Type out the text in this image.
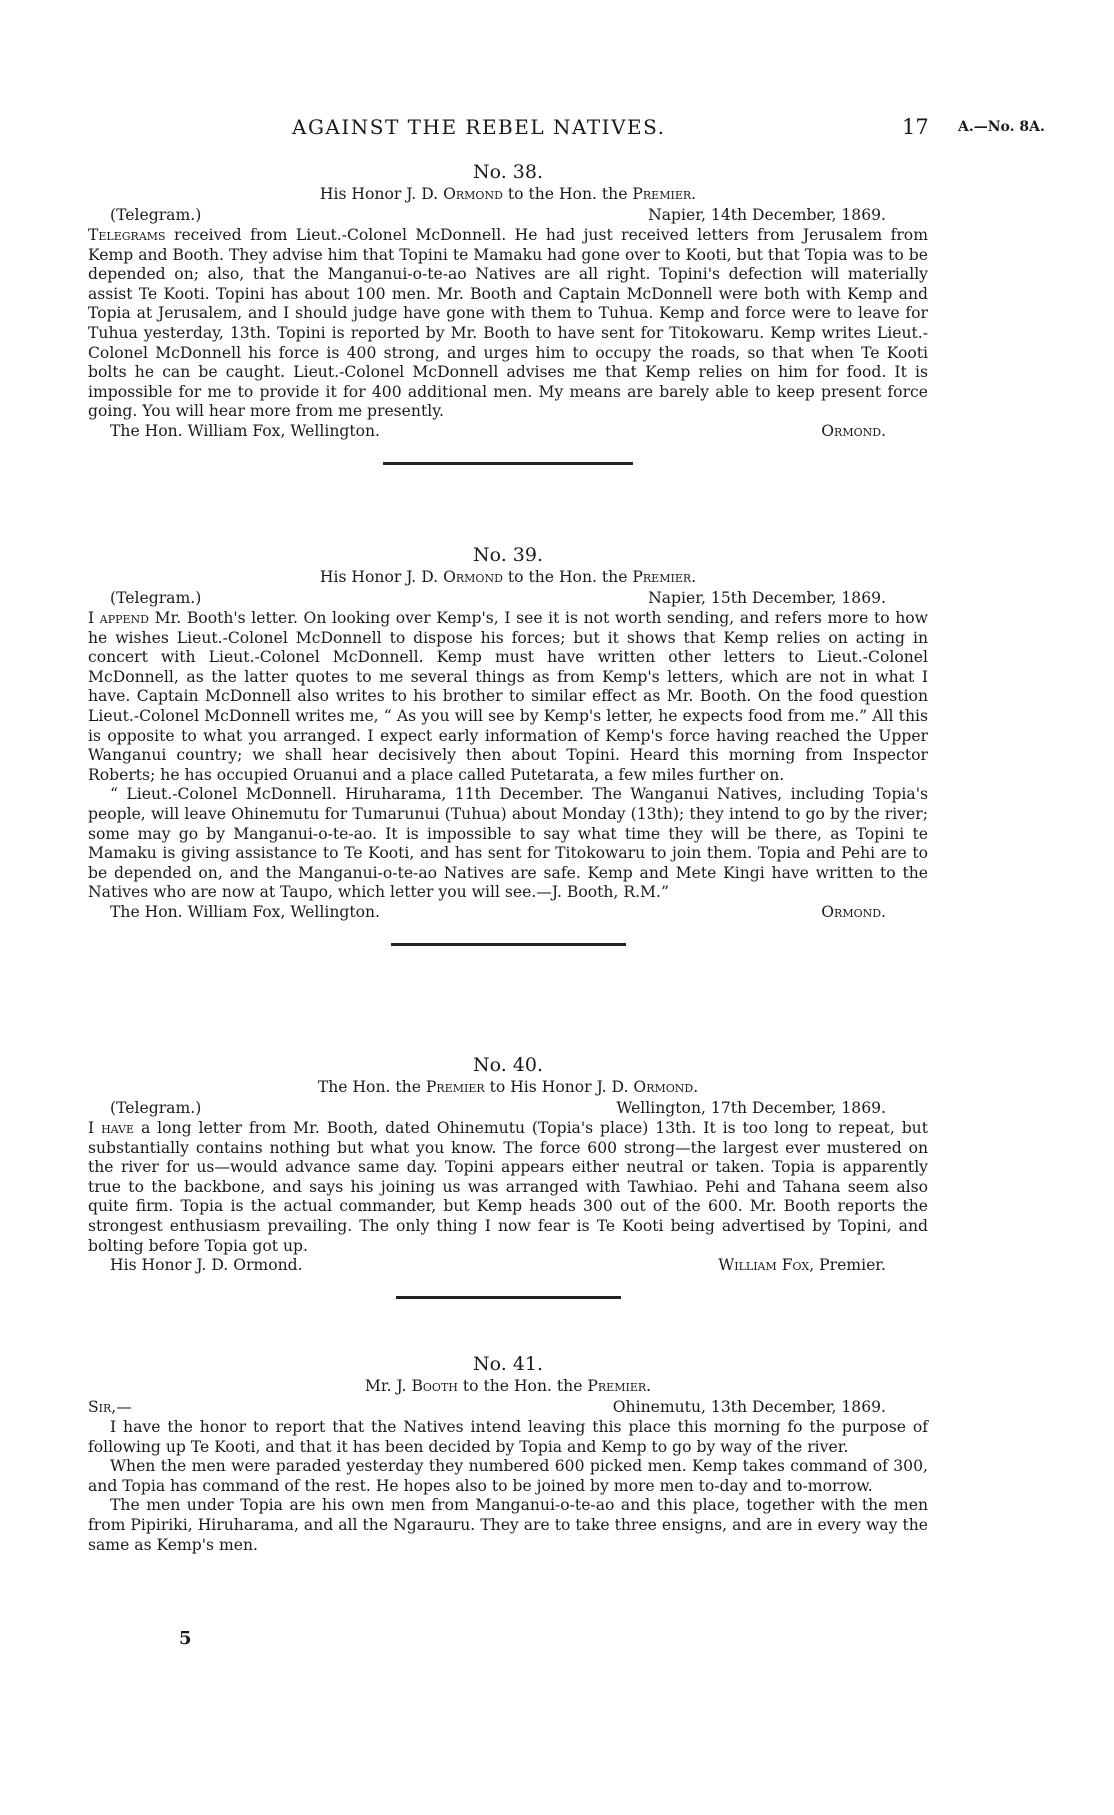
AGAINST THE REBEL NATIVES.	17 A.—No. 8A.
No. 38.
His Honor J. D. Ormond to the Hon. the Premier.
(Telegram.)	Napier, 14th December, 1869.

Telegrams received from Lieut.-Colonel McDonnell. He had just received letters from Jerusalem from Kemp and Booth. They advise him that Topini te Mamaku had gone over to Kooti, but that Topia was to be depended on; also, that the Manganui-o-te-ao Natives are all right. Topini's defection will materially assist Te Kooti. Topini has about 100 men. Mr. Booth and Captain McDonnell were both with Kemp and Topia at Jerusalem, and I should judge have gone with them to Tuhua. Kemp and force were to leave for Tuhua yesterday, 13th. Topini is reported by Mr. Booth to have sent for Titokowaru. Kemp writes Lieut.-Colonel McDonnell his force is 400 strong, and urges him to occupy the roads, so that when Te Kooti bolts he can be caught. Lieut.-Colonel McDonnell advises me that Kemp relies on him for food. It is impossible for me to provide it for 400 additional men. My means are barely able to keep present force going. You will hear more from me presently.

The Hon. William Fox, Wellington.	Ormond.
No. 39.
His Honor J. D. Ormond to the Hon. the Premier.
(Telegram.)	Napier, 15th December, 1869.

I append Mr. Booth's letter. On looking over Kemp's, I see it is not worth sending, and refers more to how he wishes Lieut.-Colonel McDonnell to dispose his forces; but it shows that Kemp relies on acting in concert with Lieut.-Colonel McDonnell. Kemp must have written other letters to Lieut.-Colonel McDonnell, as the latter quotes to me several things as from Kemp's letters, which are not in what I have. Captain McDonnell also writes to his brother to similar effect as Mr. Booth. On the food question Lieut.-Colonel McDonnell writes me, “ As you will see by Kemp's letter, he expects food from me.” All this is opposite to what you arranged. I expect early information of Kemp's force having reached the Upper Wanganui country; we shall hear decisively then about Topini. Heard this morning from Inspector Roberts; he has occupied Oruanui and a place called Putetarata, a few miles further on.

“ Lieut.-Colonel McDonnell. Hiruharama, 11th December. The Wanganui Natives, including Topia's people, will leave Ohinemutu for Tumarunui (Tuhua) about Monday (13th); they intend to go by the river; some may go by Manganui-o-te-ao. It is impossible to say what time they will be there, as Topini te Mamaku is giving assistance to Te Kooti, and has sent for Titokowaru to join them. Topia and Pehi are to be depended on, and the Manganui-o-te-ao Natives are safe. Kemp and Mete Kingi have written to the Natives who are now at Taupo, which letter you will see.—J. Booth, R.M.”

The Hon. William Fox, Wellington.	Ormond.
No. 40.
The Hon. the Premier to His Honor J. D. Ormond.
(Telegram.)	Wellington, 17th December, 1869.

I have a long letter from Mr. Booth, dated Ohinemutu (Topia's place) 13th. It is too long to repeat, but substantially contains nothing but what you know. The force 600 strong—the largest ever mustered on the river for us—would advance same day. Topini appears either neutral or taken. Topia is apparently true to the backbone, and says his joining us was arranged with Tawhiao. Pehi and Tahana seem also quite firm. Topia is the actual commander, but Kemp heads 300 out of the 600. Mr. Booth reports the strongest enthusiasm prevailing. The only thing I now fear is Te Kooti being advertised by Topini, and bolting before Topia got up.

His Honor J. D. Ormond.	William Fox, Premier.
No. 41.
Mr. J. Booth to the Hon. the Premier.
Sir,—	Ohinemutu, 13th December, 1869.

I have the honor to report that the Natives intend leaving this place this morning fo the purpose of following up Te Kooti, and that it has been decided by Topia and Kemp to go by way of the river.

When the men were paraded yesterday they numbered 600 picked men. Kemp takes command of 300, and Topia has command of the rest. He hopes also to be joined by more men to-day and to-morrow.

The men under Topia are his own men from Manganui-o-te-ao and this place, together with the men from Pipiriki, Hiruharama, and all the Ngarauru. They are to take three ensigns, and are in every way the same as Kemp's men.

5
